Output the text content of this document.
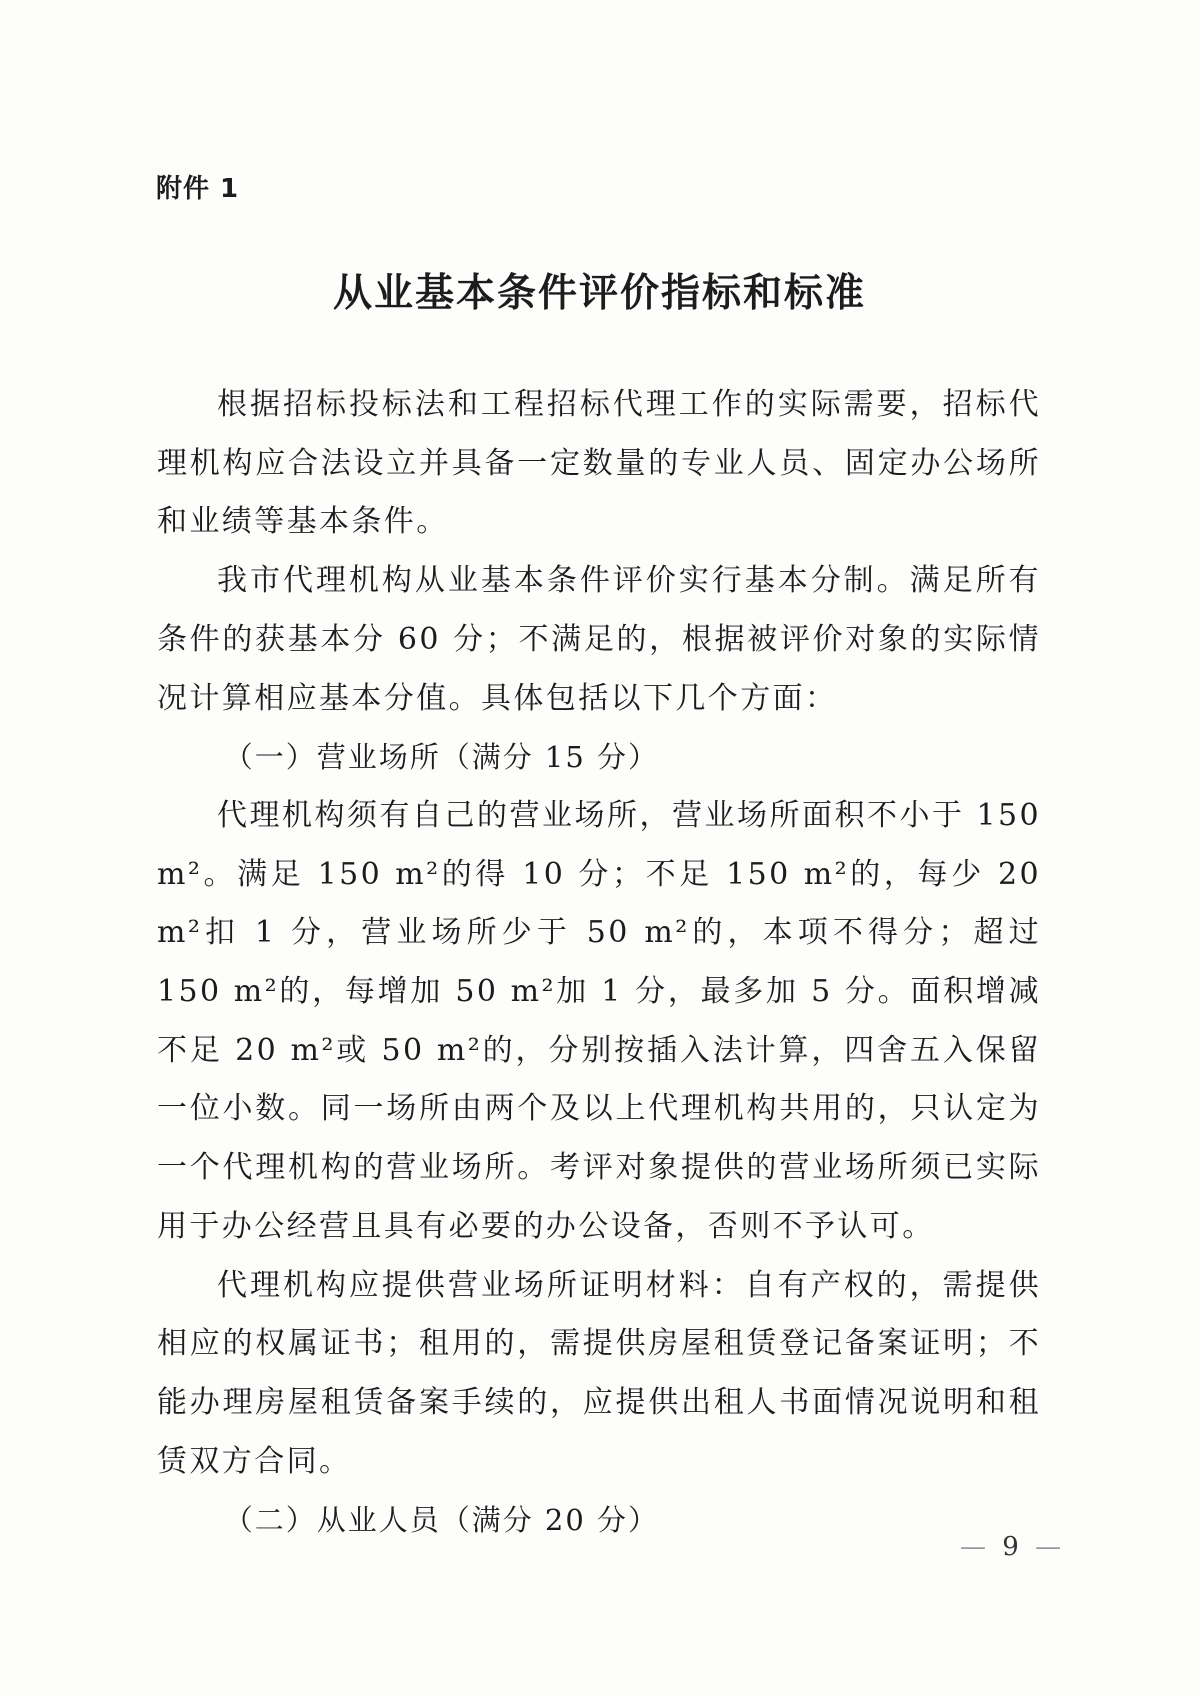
附件 1
从业基本条件评价指标和标准

根据招标投标法和工程招标代理工作的实际需要，招标代理机构应合法设立并具备一定数量的专业人员、固定办公场所和业绩等基本条件。

我市代理机构从业基本条件评价实行基本分制。满足所有条件的获基本分 60 分；不满足的，根据被评价对象的实际情况计算相应基本分值。具体包括以下几个方面：

（一）营业场所（满分 15 分）

代理机构须有自己的营业场所，营业场所面积不小于 150 m²。满足 150 m²的得 10 分；不足 150 m²的，每少 20 m²扣 1 分，营业场所少于 50 m²的，本项不得分；超过 150 m²的，每增加 50 m²加 1 分，最多加 5 分。面积增减不足 20 m²或 50 m²的，分别按插入法计算，四舍五入保留一位小数。同一场所由两个及以上代理机构共用的，只认定为一个代理机构的营业场所。考评对象提供的营业场所须已实际用于办公经营且具有必要的办公设备，否则不予认可。

代理机构应提供营业场所证明材料：自有产权的，需提供相应的权属证书；租用的，需提供房屋租赁登记备案证明；不能办理房屋租赁备案手续的，应提供出租人书面情况说明和租赁双方合同。

（二）从业人员（满分 20 分）

— 9 —
